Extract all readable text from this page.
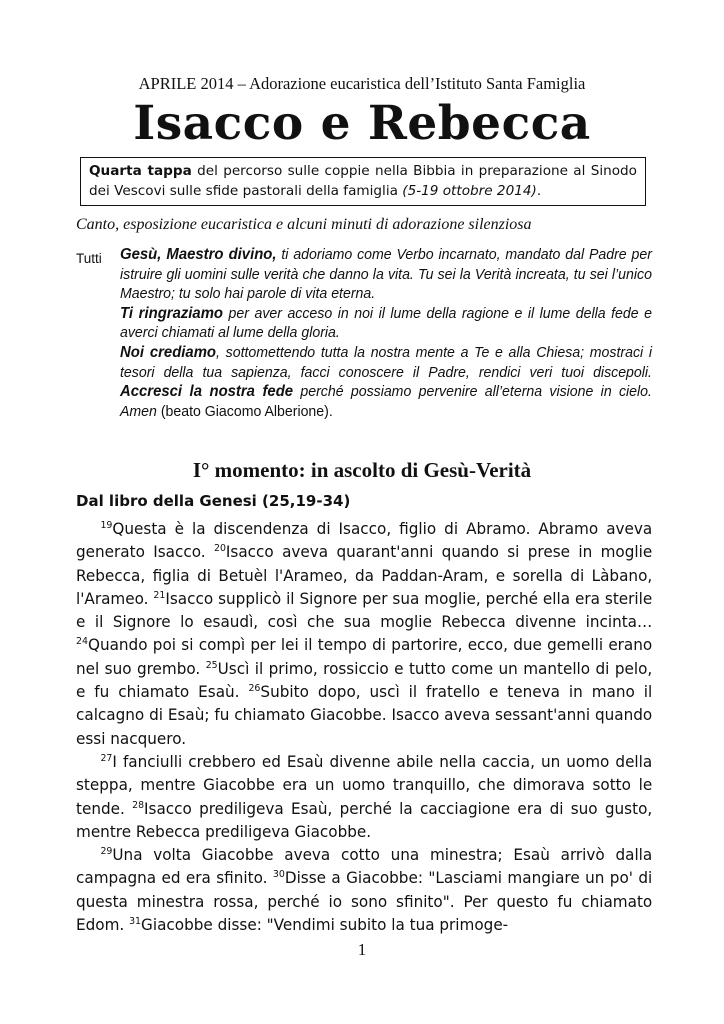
APRILE 2014 – Adorazione eucaristica dell’Istituto Santa Famiglia
Isacco e Rebecca
Quarta tappa del percorso sulle coppie nella Bibbia in preparazione al Sinodo dei Vescovi sulle sfide pastorali della famiglia (5-19 ottobre 2014).
Canto, esposizione eucaristica e alcuni minuti di adorazione silenziosa
Tutti Gesù, Maestro divino, ti adoriamo come Verbo incarnato, mandato dal Padre per istruire gli uomini sulle verità che danno la vita. Tu sei la Verità increata, tu sei l’unico Maestro; tu solo hai parole di vita eterna.

Ti ringraziamo per aver acceso in noi il lume della ragione e il lume della fede e averci chiamati al lume della gloria.

Noi crediamo, sottomettendo tutta la nostra mente a Te e alla Chiesa; mostraci i tesori della tua sapienza, facci conoscere il Padre, rendici veri tuoi discepoli. Accresci la nostra fede perché possiamo pervenire all’eterna visione in cielo. Amen (beato Giacomo Alberione).

I° momento: in ascolto di Gesù-Verità
Dal libro della Genesi (25,19-34)

$^{19}$Questa è la discendenza di Isacco, figlio di Abramo. Abramo aveva generato Isacco. $^{20}$Isacco aveva quarant'anni quando si prese in moglie Rebecca, figlia di Betuèl l'Arameo, da Paddan-Aram, e sorella di Làbano, l'Arameo. $^{21}$Isacco supplicò il Signore per sua moglie, perché ella era sterile e il Signore lo esaudì, così che sua moglie Rebecca divenne incinta… $^{24}$Quando poi si compì per lei il tempo di partorire, ecco, due gemelli erano nel suo grembo. $^{25}$Uscì il primo, rossiccio e tutto come un mantello di pelo, e fu chiamato Esaù. $^{26}$Subito dopo, uscì il fratello e teneva in mano il calcagno di Esaù; fu chiamato Giacobbe. Isacco aveva sessant'anni quando essi nacquero.

$^{27}$I fanciulli crebbero ed Esaù divenne abile nella caccia, un uomo della steppa, mentre Giacobbe era un uomo tranquillo, che dimorava sotto le tende. $^{28}$Isacco prediligeva Esaù, perché la cacciagione era di suo gusto, mentre Rebecca prediligeva Giacobbe.

$^{29}$Una volta Giacobbe aveva cotto una minestra; Esaù arrivò dalla campagna ed era sfinito. $^{30}$Disse a Giacobbe: "Lasciami mangiare un po' di questa minestra rossa, perché io sono sfinito". Per questo fu chiamato Edom. $^{31}$Giacobbe disse: "Vendimi subito la tua primoge-

1
